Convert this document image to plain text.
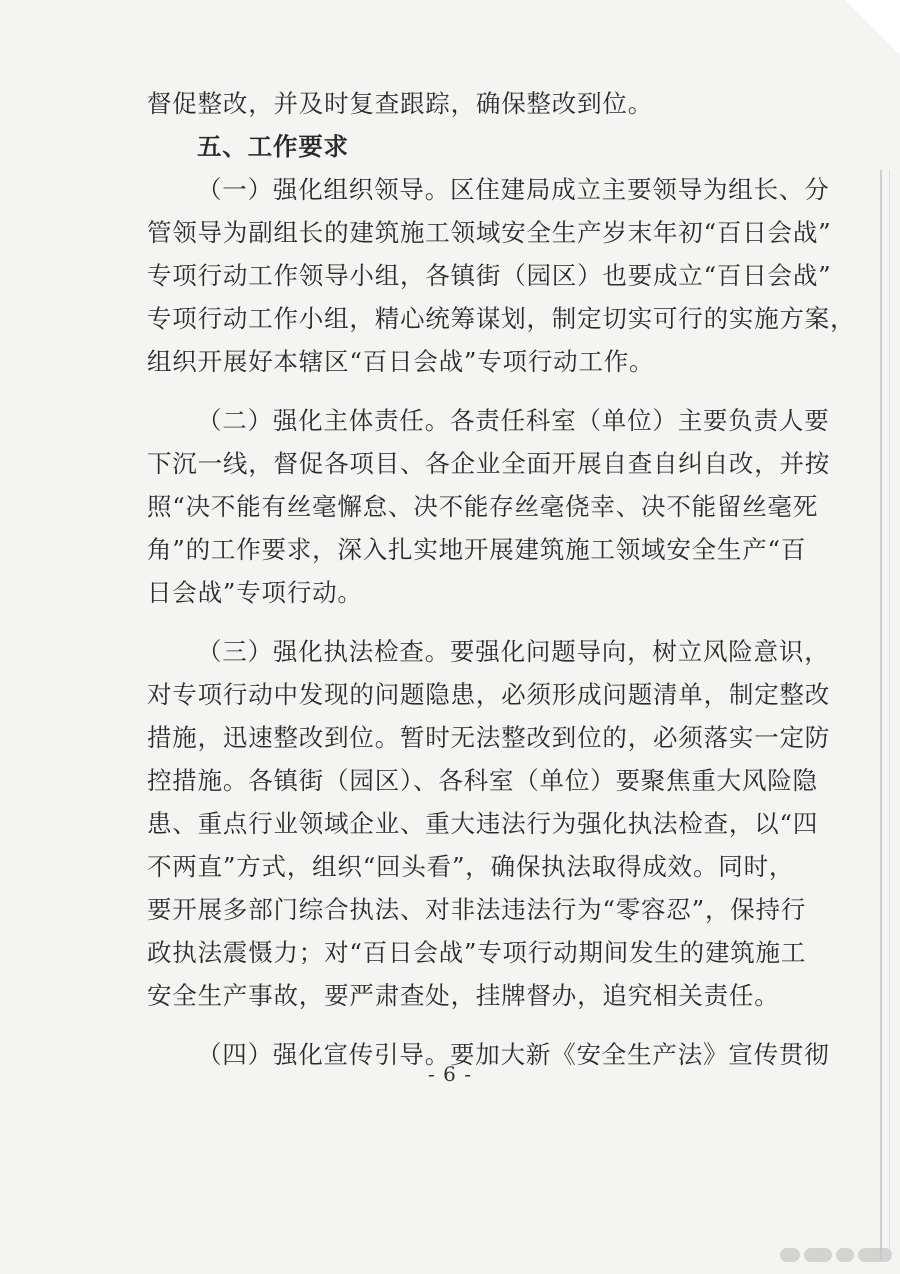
督促整改，并及时复查跟踪，确保整改到位。
五、工作要求
（一）强化组织领导。区住建局成立主要领导为组长、分
管领导为副组长的建筑施工领域安全生产岁末年初“百日会战”
专项行动工作领导小组，各镇街（园区）也要成立“百日会战”
专项行动工作小组，精心统筹谋划，制定切实可行的实施方案，
组织开展好本辖区“百日会战”专项行动工作。
（二）强化主体责任。各责任科室（单位）主要负责人要
下沉一线，督促各项目、各企业全面开展自查自纠自改，并按
照“决不能有丝毫懈怠、决不能存丝毫侥幸、决不能留丝毫死
角”的工作要求，深入扎实地开展建筑施工领域安全生产“百
日会战”专项行动。
（三）强化执法检查。要强化问题导向，树立风险意识，
对专项行动中发现的问题隐患，必须形成问题清单，制定整改
措施，迅速整改到位。暂时无法整改到位的，必须落实一定防
控措施。各镇街（园区）、各科室（单位）要聚焦重大风险隐
患、重点行业领域企业、重大违法行为强化执法检查，以“四
不两直”方式，组织“回头看”，确保执法取得成效。同时，
要开展多部门综合执法、对非法违法行为“零容忍”，保持行
政执法震慑力；对“百日会战”专项行动期间发生的建筑施工
安全生产事故，要严肃查处，挂牌督办，追究相关责任。
（四）强化宣传引导。要加大新《安全生产法》宣传贯彻
- 6 -
